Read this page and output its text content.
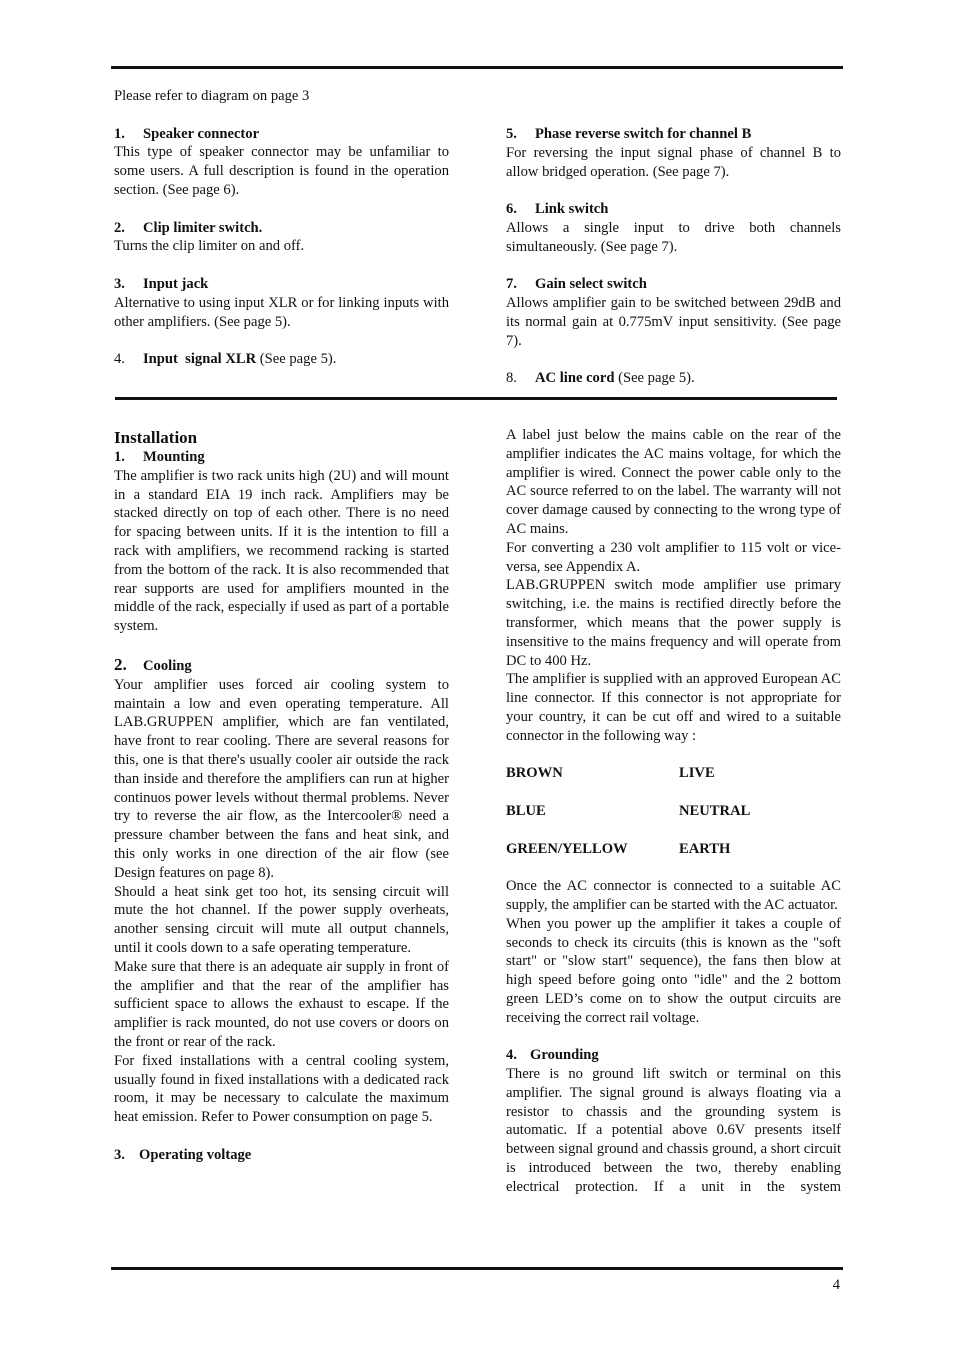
Please refer to diagram on page 3

1. Speaker connector

This type of speaker connector may be unfamiliar to some users. A full description is found in the operation section. (See page 6).

2. Clip limiter switch.

Turns the clip limiter on and off.

3. Input jack

Alternative to using input XLR or for linking inputs with other amplifiers. (See page 5).

4. Input  signal XLR (See page 5).

5. Phase reverse switch for channel B

For reversing the input signal phase of channel B to allow bridged operation. (See page 7).

6. Link switch

Allows a single input to drive both channels simultaneously. (See page 7).

7. Gain select switch

Allows amplifier gain to be switched between 29dB and its normal gain at 0.775mV input sensitivity. (See page 7).

8. AC line cord (See page 5).

Installation

1. Mounting

The amplifier is two rack units high (2U) and will mount in a standard EIA 19 inch rack. Amplifiers may be stacked directly on top of each other. There is no need for spacing between units. If it is the intention to fill a rack with amplifiers, we recommend racking is started from the bottom of the rack. It is also recommended that rear supports are used for amplifiers mounted in the middle of the rack, especially if used as part of a portable system.

2. Cooling

Your amplifier uses forced air cooling system to maintain a low and even operating temperature. All LAB.GRUPPEN amplifier, which are fan ventilated, have front to rear cooling. There are several reasons for this, one is that there's usually cooler air outside the rack than inside and therefore the amplifiers can run at higher continuos power levels without thermal problems. Never try to reverse the air flow, as the Intercooler® need a pressure chamber between the fans and heat sink, and this only works in one direction of the air flow (see Design features on page 8).

Should a heat sink get too hot, its sensing circuit will mute the hot channel. If the power supply overheats, another sensing circuit will mute all output channels, until it cools down to a safe operating temperature.

Make sure that there is an adequate air supply in front of the amplifier and that the rear of the amplifier has sufficient space to allows the exhaust to escape. If the amplifier is rack mounted, do not use covers or doors on the front or rear of the rack.

For fixed installations with a central cooling system, usually found in fixed installations with a dedicated rack room, it may be necessary to calculate the maximum heat emission. Refer to Power consumption on page 5.

3. Operating voltage

A label just below the mains cable on the rear of the amplifier indicates the AC mains voltage, for which the amplifier is wired. Connect the power cable only to the AC source referred to on the label. The warranty will not cover damage caused by connecting to the wrong type of AC mains.

For converting a 230 volt amplifier to 115 volt or vice-versa, see Appendix A.

LAB.GRUPPEN switch mode amplifier use primary switching, i.e. the mains is rectified directly before the transformer, which means that the power supply is insensitive to the mains frequency and will operate from DC to 400 Hz.

The amplifier is supplied with an approved European AC line connector. If this connector is not appropriate for your country, it can be cut off and wired to a suitable connector in the following way :

BROWN	LIVE
BLUE	NEUTRAL
GREEN/YELLOW	EARTH

Once the AC connector is connected to a suitable AC supply, the amplifier can be started with the AC actuator.

When you power up the amplifier it takes a couple of seconds to check its circuits (this is known as the "soft start" or "slow start" sequence), the fans then blow at high speed before going onto "idle" and the 2 bottom green LED’s come on to show the output circuits are receiving the correct rail voltage.

4. Grounding

There is no ground lift switch or terminal on this amplifier. The signal ground is always floating via a resistor to chassis and the grounding system is automatic. If a potential above 0.6V presents itself between signal ground and chassis ground, a short circuit is introduced between the two, thereby enabling electrical protection. If a unit in the system

4
